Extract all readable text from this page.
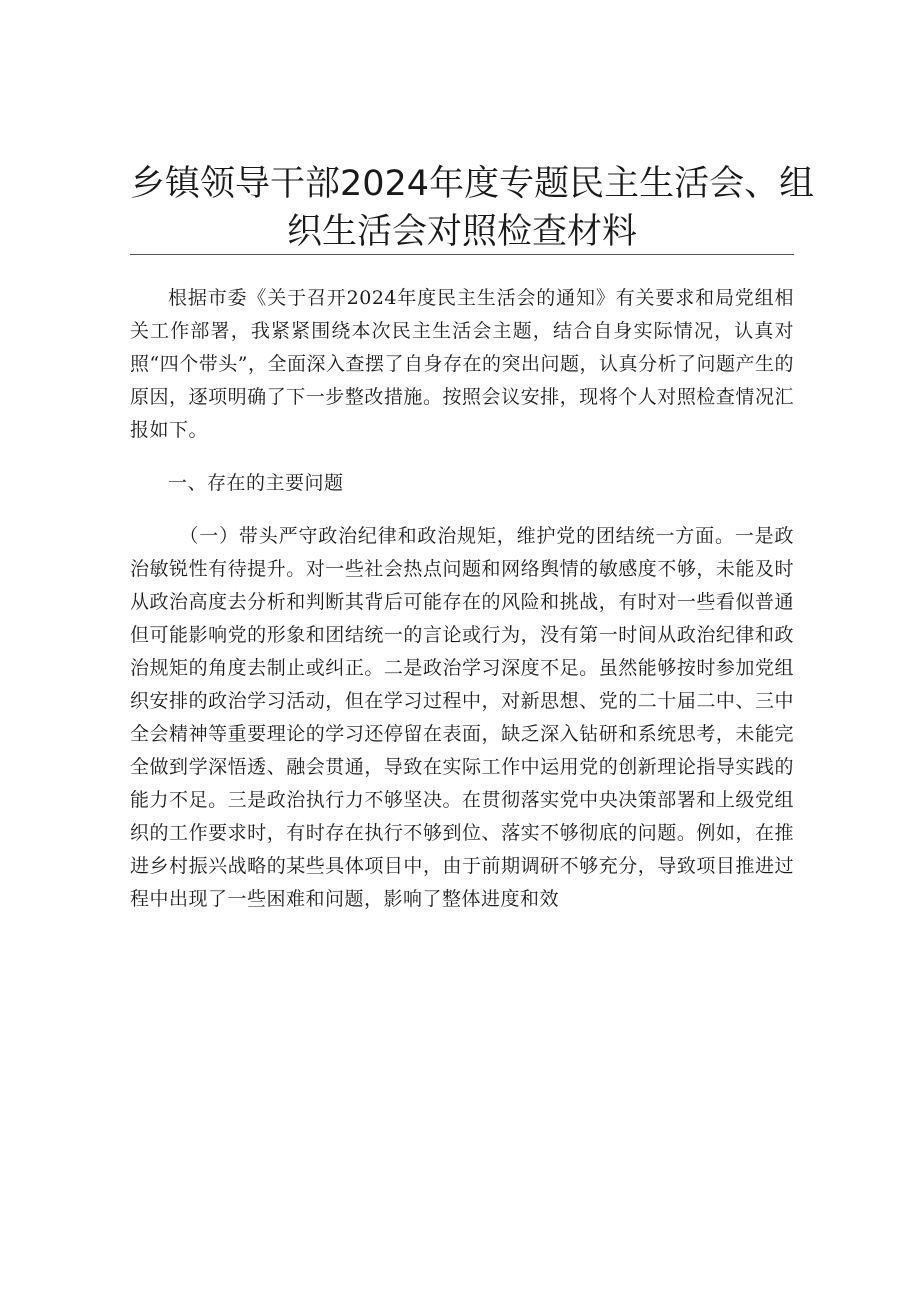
乡镇领导干部2024年度专题民主生活会、组
织生活会对照检查材料

根据市委《关于召开2024年度民主生活会的通知》有关要求和局党组相关工作部署，我紧紧围绕本次民主生活会主题，结合自身实际情况，认真对照“四个带头”，全面深入查摆了自身存在的突出问题，认真分析了问题产生的原因，逐项明确了下一步整改措施。按照会议安排，现将个人对照检查情况汇报如下。

一、存在的主要问题

（一）带头严守政治纪律和政治规矩，维护党的团结统一方面。一是政治敏锐性有待提升。对一些社会热点问题和网络舆情的敏感度不够，未能及时从政治高度去分析和判断其背后可能存在的风险和挑战，有时对一些看似普通但可能影响党的形象和团结统一的言论或行为，没有第一时间从政治纪律和政治规矩的角度去制止或纠正。二是政治学习深度不足。虽然能够按时参加党组织安排的政治学习活动，但在学习过程中，对新思想、党的二十届二中、三中全会精神等重要理论的学习还停留在表面，缺乏深入钻研和系统思考，未能完全做到学深悟透、融会贯通，导致在实际工作中运用党的创新理论指导实践的能力不足。三是政治执行力不够坚决。在贯彻落实党中央决策部署和上级党组织的工作要求时，有时存在执行不够到位、落实不够彻底的问题。例如，在推进乡村振兴战略的某些具体项目中，由于前期调研不够充分，导致项目推进过程中出现了一些困难和问题，影响了整体进度和效
